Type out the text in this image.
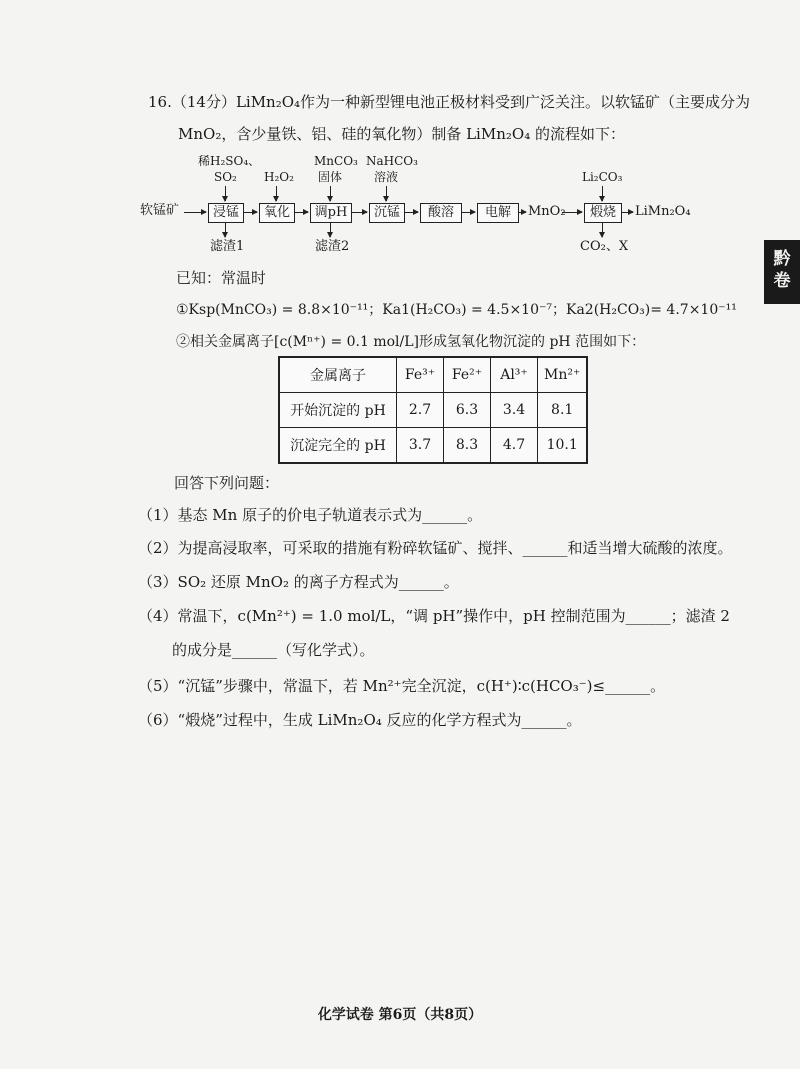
16.（14分）LiMn₂O₄作为一种新型锂电池正极材料受到广泛关注。以软锰矿（主要成分为
MnO₂，含少量铁、铝、硅的氧化物）制备 LiMn₂O₄ 的流程如下：
软锰矿	浸锰	氧化	调pH	沉锰	酸溶	电解	MnO₂	煅烧	LiMn₂O₄
稀H₂SO₄、
SO₂ H₂O₂
MnCO₃
固体
NaHCO₃
溶液	Li₂CO₃
滤渣1	滤渣2	CO₂、X
已知：常温时
①Ksp(MnCO₃) = 8.8×10⁻¹¹；Ka1(H₂CO₃) = 4.5×10⁻⁷；Ka2(H₂CO₃)= 4.7×10⁻¹¹
②相关金属离子[c(Mⁿ⁺) = 0.1 mol/L]形成氢氧化物沉淀的 pH 范围如下：
金属离子	Fe³⁺	Fe²⁺	Al³⁺	Mn²⁺
开始沉淀的 pH	2.7	6.3	3.4	8.1
沉淀完全的 pH	3.7	8.3	4.7	10.1
回答下列问题：
（1）基态 Mn 原子的价电子轨道表示式为______。
（2）为提高浸取率，可采取的措施有粉碎软锰矿、搅拌、______和适当增大硫酸的浓度。
（3）SO₂ 还原 MnO₂ 的离子方程式为______。
（4）常温下，c(Mn²⁺) = 1.0 mol/L，“调 pH”操作中，pH 控制范围为______；滤渣 2
的成分是______（写化学式）。
（5）“沉锰”步骤中，常温下，若 Mn²⁺完全沉淀，c(H⁺)∶c(HCO₃⁻)≤______。
（6）“煅烧”过程中，生成 LiMn₂O₄ 反应的化学方程式为______。
黔
卷
化学试卷 第6页（共8页）
